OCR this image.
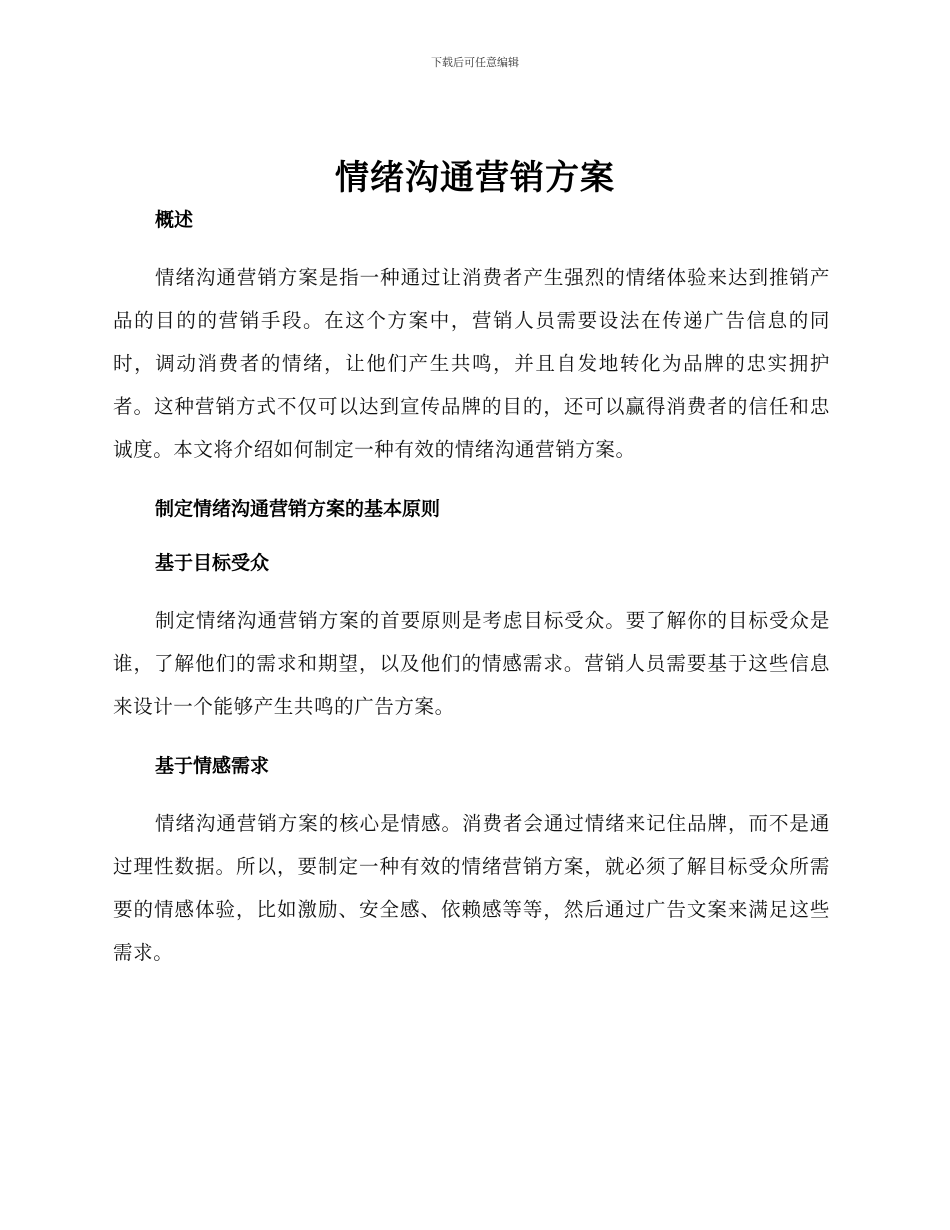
下载后可任意编辑
情绪沟通营销方案

概述

情绪沟通营销方案是指一种通过让消费者产生强烈的情绪体验来达到推销产品的目的的营销手段。在这个方案中，营销人员需要设法在传递广告信息的同时，调动消费者的情绪，让他们产生共鸣，并且自发地转化为品牌的忠实拥护者。这种营销方式不仅可以达到宣传品牌的目的，还可以赢得消费者的信任和忠诚度。本文将介绍如何制定一种有效的情绪沟通营销方案。

制定情绪沟通营销方案的基本原则

基于目标受众

制定情绪沟通营销方案的首要原则是考虑目标受众。要了解你的目标受众是谁，了解他们的需求和期望，以及他们的情感需求。营销人员需要基于这些信息来设计一个能够产生共鸣的广告方案。

基于情感需求

情绪沟通营销方案的核心是情感。消费者会通过情绪来记住品牌，而不是通过理性数据。所以，要制定一种有效的情绪营销方案，就必须了解目标受众所需要的情感体验，比如激励、安全感、依赖感等等，然后通过广告文案来满足这些需求。
